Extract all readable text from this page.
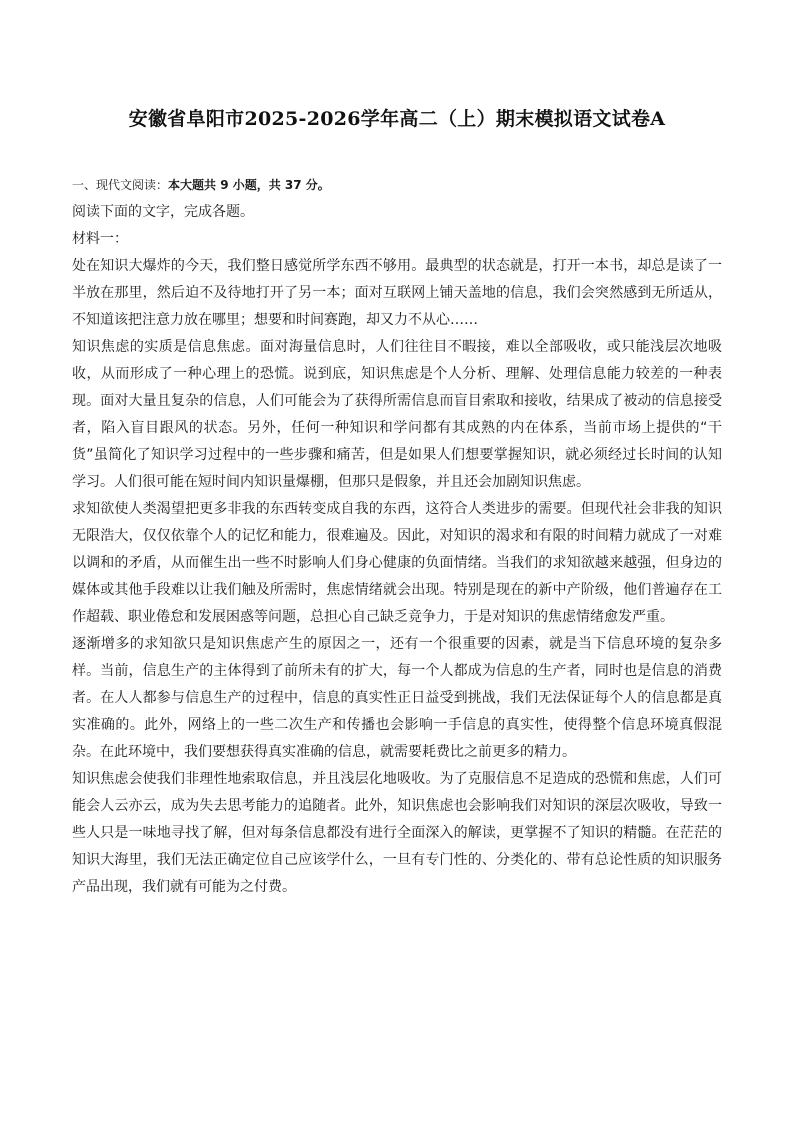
安徽省阜阳市2025-2026学年高二（上）期末模拟语文试卷A

一、现代文阅读：本大题共 9 小题，共 37 分。

阅读下面的文字，完成各题。

材料一：

处在知识大爆炸的今天，我们整日感觉所学东西不够用。最典型的状态就是，打开一本书，却总是读了一半放在那里，然后迫不及待地打开了另一本；面对互联网上铺天盖地的信息，我们会突然感到无所适从，不知道该把注意力放在哪里；想要和时间赛跑，却又力不从心……

知识焦虑的实质是信息焦虑。面对海量信息时，人们往往目不暇接，难以全部吸收，或只能浅层次地吸收，从而形成了一种心理上的恐慌。说到底，知识焦虑是个人分析、理解、处理信息能力较差的一种表现。面对大量且复杂的信息，人们可能会为了获得所需信息而盲目索取和接收，结果成了被动的信息接受者，陷入盲目跟风的状态。另外，任何一种知识和学问都有其成熟的内在体系，当前市场上提供的“干货”虽简化了知识学习过程中的一些步骤和痛苦，但是如果人们想要掌握知识，就必须经过长时间的认知学习。人们很可能在短时间内知识量爆棚，但那只是假象，并且还会加剧知识焦虑。

求知欲使人类渴望把更多非我的东西转变成自我的东西，这符合人类进步的需要。但现代社会非我的知识无限浩大，仅仅依靠个人的记忆和能力，很难遍及。因此，对知识的渴求和有限的时间精力就成了一对难以调和的矛盾，从而催生出一些不时影响人们身心健康的负面情绪。当我们的求知欲越来越强，但身边的媒体或其他手段难以让我们触及所需时，焦虑情绪就会出现。特别是现在的新中产阶级，他们普遍存在工作超载、职业倦怠和发展困惑等问题，总担心自己缺乏竞争力，于是对知识的焦虑情绪愈发严重。

逐渐增多的求知欲只是知识焦虑产生的原因之一，还有一个很重要的因素，就是当下信息环境的复杂多样。当前，信息生产的主体得到了前所未有的扩大，每一个人都成为信息的生产者，同时也是信息的消费者。在人人都参与信息生产的过程中，信息的真实性正日益受到挑战，我们无法保证每个人的信息都是真实准确的。此外，网络上的一些二次生产和传播也会影响一手信息的真实性，使得整个信息环境真假混杂。在此环境中，我们要想获得真实准确的信息，就需要耗费比之前更多的精力。

知识焦虑会使我们非理性地索取信息，并且浅层化地吸收。为了克服信息不足造成的恐慌和焦虑，人们可能会人云亦云，成为失去思考能力的追随者。此外，知识焦虑也会影响我们对知识的深层次吸收，导致一些人只是一味地寻找了解，但对每条信息都没有进行全面深入的解读，更掌握不了知识的精髓。在茫茫的知识大海里，我们无法正确定位自己应该学什么，一旦有专门性的、分类化的、带有总论性质的知识服务产品出现，我们就有可能为之付费。
